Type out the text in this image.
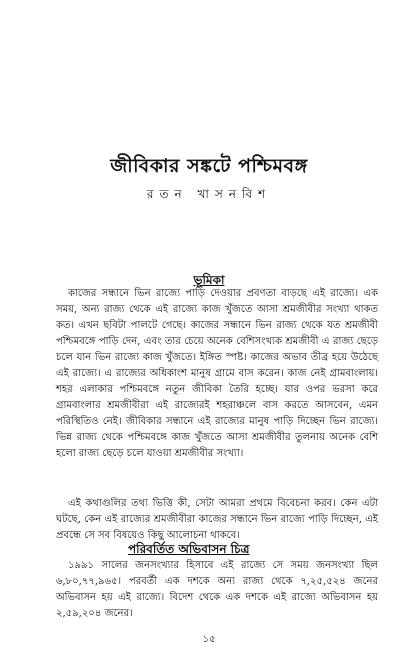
জীবিকার সঙ্কটে পশ্চিমবঙ্গ
রতন খাসনবিশ
ভূমিকা

কাজের সন্ধানে ভিন রাজ্যে পাড়ি দেওয়ার প্রবণতা বাড়ছে এই রাজ্যে। এক সময়, অন্য রাজ্য থেকে এই রাজ্যে কাজ খুঁজতে আসা শ্রমজীবীর সংখ্যা থাকত কত। এখন ছবিটা পালটে গেছে। কাজের সন্ধানে ভিন রাজ্য থেকে যত শ্রমজীবী পশ্চিমবঙ্গে পাড়ি দেন, এবং তার চেয়ে অনেক বেশিসংখ্যক শ্রমজীবী এ রাজ্য ছেড়ে চলে যান ভিন রাজ্যে কাজ খুঁজতে। ইঙ্গিত স্পষ্ট। কাজের অভাব তীব্র হয়ে উঠেছে এই রাজ্যে। এ রাজ্যের অধিকাংশ মানুষ গ্রামে বাস করেন। কাজ নেই গ্রামবাংলায়। শহর এলাকার পশ্চিমবঙ্গে নতুন জীবিকা তৈরি হচ্ছে। যার ওপর ভরসা করে গ্রামবাংলার শ্রমজীবীরা এই রাজ্যেরই শহরাঞ্চলে বাস করতে আসবেন, এমন পরিস্থিতিও নেই। জীবিকার সন্ধানে এই রাজ্যের মানুষ পাড়ি দিচ্ছেন ভিন রাজ্যে। ভিন্ন রাজ্য থেকে পশ্চিমবঙ্গে কাজ খুঁজতে আসা শ্রমজীবীর তুলনায় অনেক বেশি হলো রাজ্য ছেড়ে চলে যাওয়া শ্রমজীবীর সংখ্যা।

এই কথাগুলির তথ্য ভিত্তি কী, সেটা আমরা প্রথমে বিবেচনা করব। কেন এটা ঘটছে, কেন এই রাজ্যের শ্রমজীবীরা কাজের সন্ধানে ভিন রাজ্যে পাড়ি দিচ্ছেন, এই প্রবন্ধে সে সব বিষয়েও কিছু আলোচনা থাকবে।

পরিবর্তিত অভিবাসন চিত্র

১৯৯১ সালের জনসংখ্যার হিসাবে এই রাজ্যে সে সময় জনসংখ্যা ছিল ৬,৮০,৭৭,৯৬৫। পরবর্তী এক দশকে অন্য রাজ্য থেকে ৭,২৫,৫২৪ জনের অভিবাসন হয় এই রাজ্যে। বিদেশ থেকে এক দশকে এই রাজ্যে অভিবাসন হয় ২,৫৯,২০৪ জনের।

১৫
